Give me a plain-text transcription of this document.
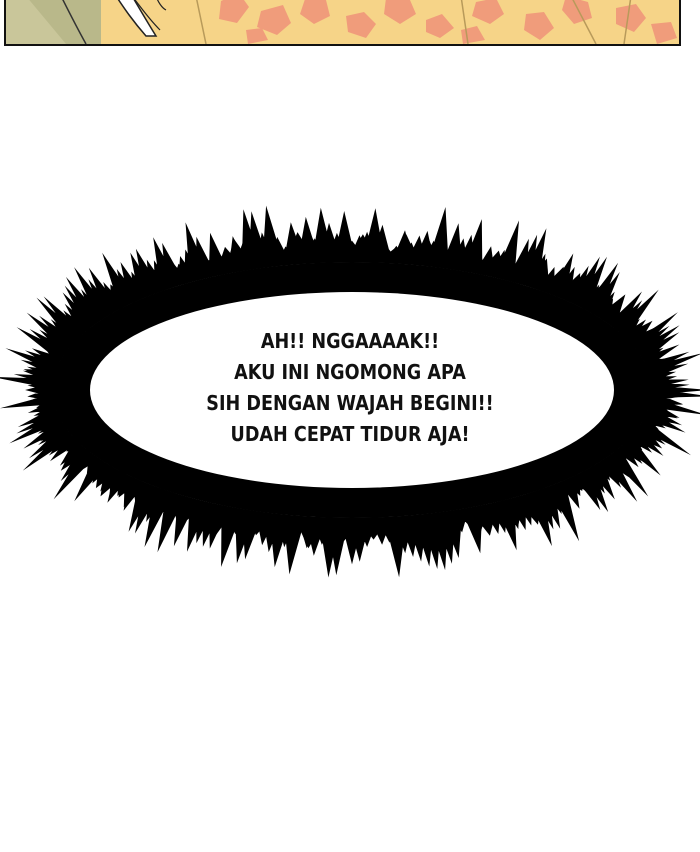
AH!! NGGAAAAK!!
AKU INI NGOMONG APA
SIH DENGAN WAJAH BEGINI!!
UDAH CEPAT TIDUR AJA!
